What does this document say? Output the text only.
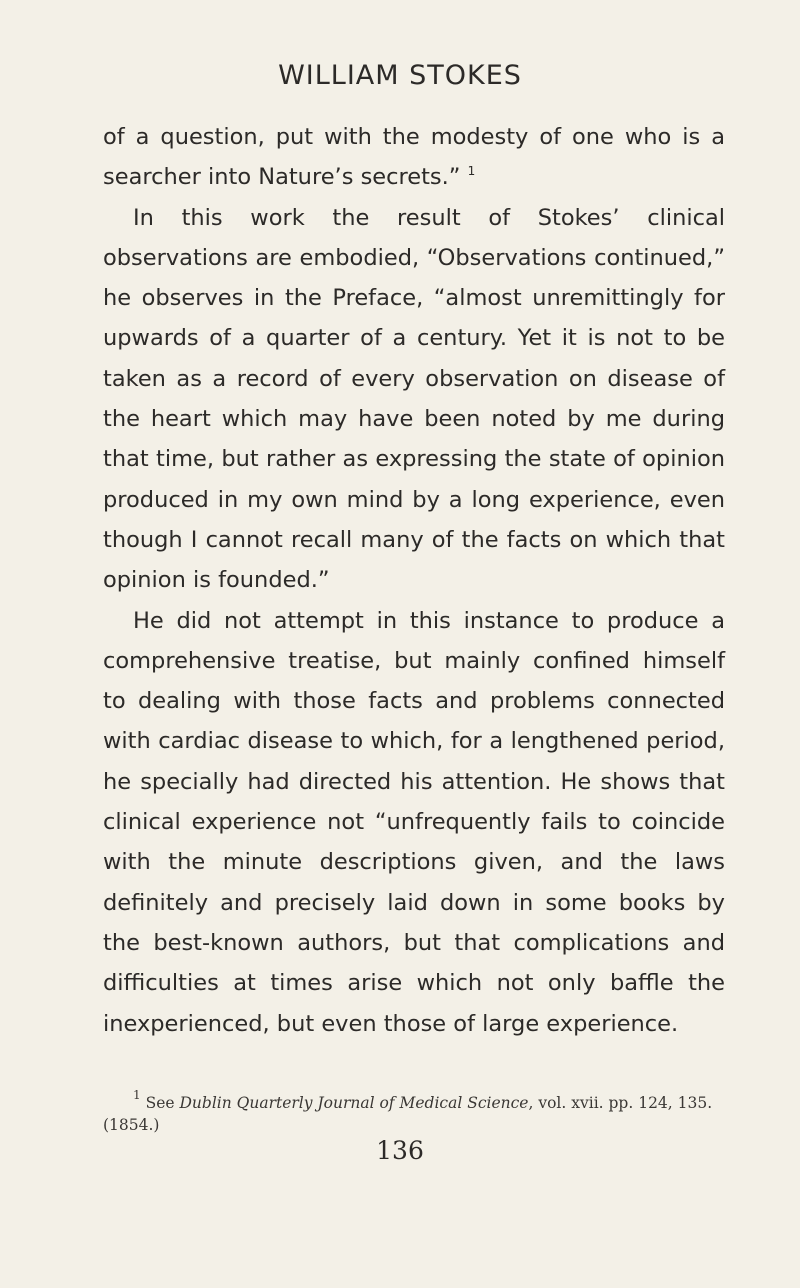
WILLIAM STOKES

of a question, put with the modesty of one who is a searcher into Nature’s secrets.” $^1$

In this work the result of Stokes’ clinical observations are embodied, “Observations continued,” he observes in the Preface, “almost unremittingly for upwards of a quarter of a century. Yet it is not to be taken as a record of every observation on disease of the heart which may have been noted by me during that time, but rather as expressing the state of opinion produced in my own mind by a long experience, even though I cannot recall many of the facts on which that opinion is founded.”

He did not attempt in this instance to produce a comprehensive treatise, but mainly confined himself to dealing with those facts and problems connected with cardiac disease to which, for a lengthened period, he specially had directed his attention. He shows that clinical experience not “unfrequently fails to coincide with the minute descriptions given, and the laws definitely and precisely laid down in some books by the best-known authors, but that complications and difficulties at times arise which not only baffle the inexperienced, but even those of large experience.

$^1$ See Dublin Quarterly Journal of Medical Science, vol. xvii. pp. 124, 135. (1854.)

136
